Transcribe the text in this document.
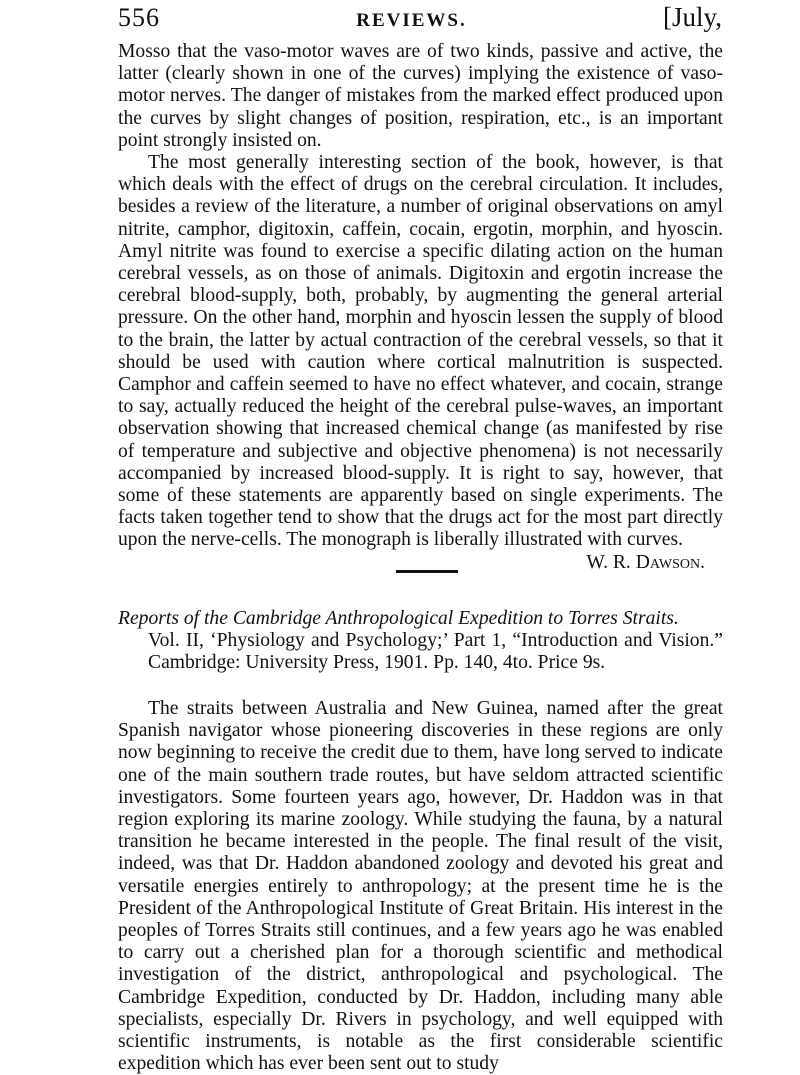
556	REVIEWS.	[July,

Mosso that the vaso-motor waves are of two kinds, passive and active, the latter (clearly shown in one of the curves) implying the existence of vaso-motor nerves. The danger of mistakes from the marked effect produced upon the curves by slight changes of position, respiration, etc., is an important point strongly insisted on.

The most generally interesting section of the book, however, is that which deals with the effect of drugs on the cerebral circulation. It includes, besides a review of the literature, a number of original observations on amyl nitrite, camphor, digitoxin, caffein, cocain, ergotin, morphin, and hyoscin. Amyl nitrite was found to exercise a specific dilating action on the human cerebral vessels, as on those of animals. Digitoxin and ergotin increase the cerebral blood-supply, both, probably, by augmenting the general arterial pressure. On the other hand, morphin and hyoscin lessen the supply of blood to the brain, the latter by actual contraction of the cerebral vessels, so that it should be used with caution where cortical malnutrition is suspected. Camphor and caffein seemed to have no effect whatever, and cocain, strange to say, actually reduced the height of the cerebral pulse-waves, an important observation showing that increased chemical change (as manifested by rise of temperature and subjective and objective phenomena) is not necessarily accompanied by increased blood-supply. It is right to say, however, that some of these statements are apparently based on single experiments. The facts taken together tend to show that the drugs act for the most part directly upon the nerve-cells. The monograph is liberally illustrated with curves.
W. R. Dawson.

Reports of the Cambridge Anthropological Expedition to Torres Straits.
Vol. II, ‘Physiology and Psychology;’ Part 1, “Introduction and Vision.” Cambridge: University Press, 1901. Pp. 140, 4to. Price 9s.

The straits between Australia and New Guinea, named after the great Spanish navigator whose pioneering discoveries in these regions are only now beginning to receive the credit due to them, have long served to indicate one of the main southern trade routes, but have seldom attracted scientific investigators. Some fourteen years ago, however, Dr. Haddon was in that region exploring its marine zoology. While studying the fauna, by a natural transition he became interested in the people. The final result of the visit, indeed, was that Dr. Haddon abandoned zoology and devoted his great and versatile energies entirely to anthropology; at the present time he is the President of the Anthropological Institute of Great Britain. His interest in the peoples of Torres Straits still continues, and a few years ago he was enabled to carry out a cherished plan for a thorough scientific and methodical investigation of the district, anthropological and psychological. The Cambridge Expedition, conducted by Dr. Haddon, including many able specialists, especially Dr. Rivers in psychology, and well equipped with scientific instruments, is notable as the first considerable scientific expedition which has ever been sent out to study
